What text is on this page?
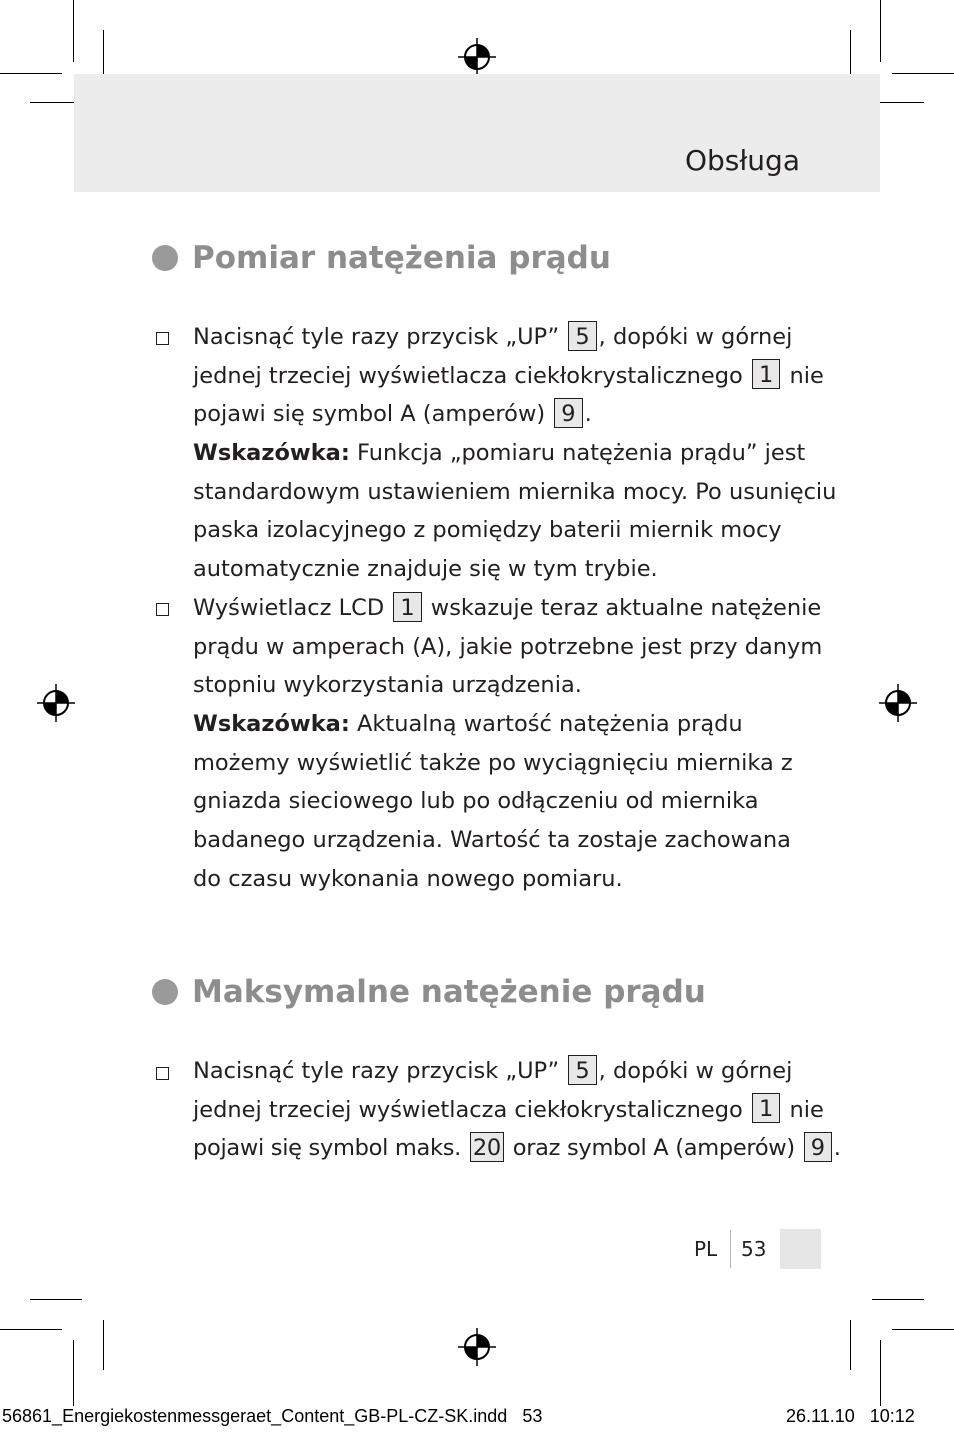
Obsługa
Pomiar natężenia prądu
Nacisnąć tyle razy przycisk „UP” 5 , dopóki w górnej
jednej trzeciej wyświetlacza ciekłokrystalicznego 1 nie
pojawi się symbol A (amperów) 9 .
Wskazówka: Funkcja „pomiaru natężenia prądu” jest
standardowym ustawieniem miernika mocy. Po usunięciu
paska izolacyjnego z pomiędzy baterii miernik mocy
automatycznie znajduje się w tym trybie.
Wyświetlacz LCD 1 wskazuje teraz aktualne natężenie
prądu w amperach (A), jakie potrzebne jest przy danym
stopniu wykorzystania urządzenia.
Wskazówka: Aktualną wartość natężenia prądu
możemy wyświetlić także po wyciągnięciu miernika z
gniazda sieciowego lub po odłączeniu od miernika
badanego urządzenia. Wartość ta zostaje zachowana
do czasu wykonania nowego pomiaru.
Maksymalne natężenie prądu
Nacisnąć tyle razy przycisk „UP” 5 , dopóki w górnej
jednej trzeciej wyświetlacza ciekłokrystalicznego 1 nie
pojawi się symbol maks. 20 oraz symbol A (amperów) 9 .
PL 53
56861_Energiekostenmessgeraet_Content_GB-PL-CZ-SK.indd 53	26.11.10 10:12
